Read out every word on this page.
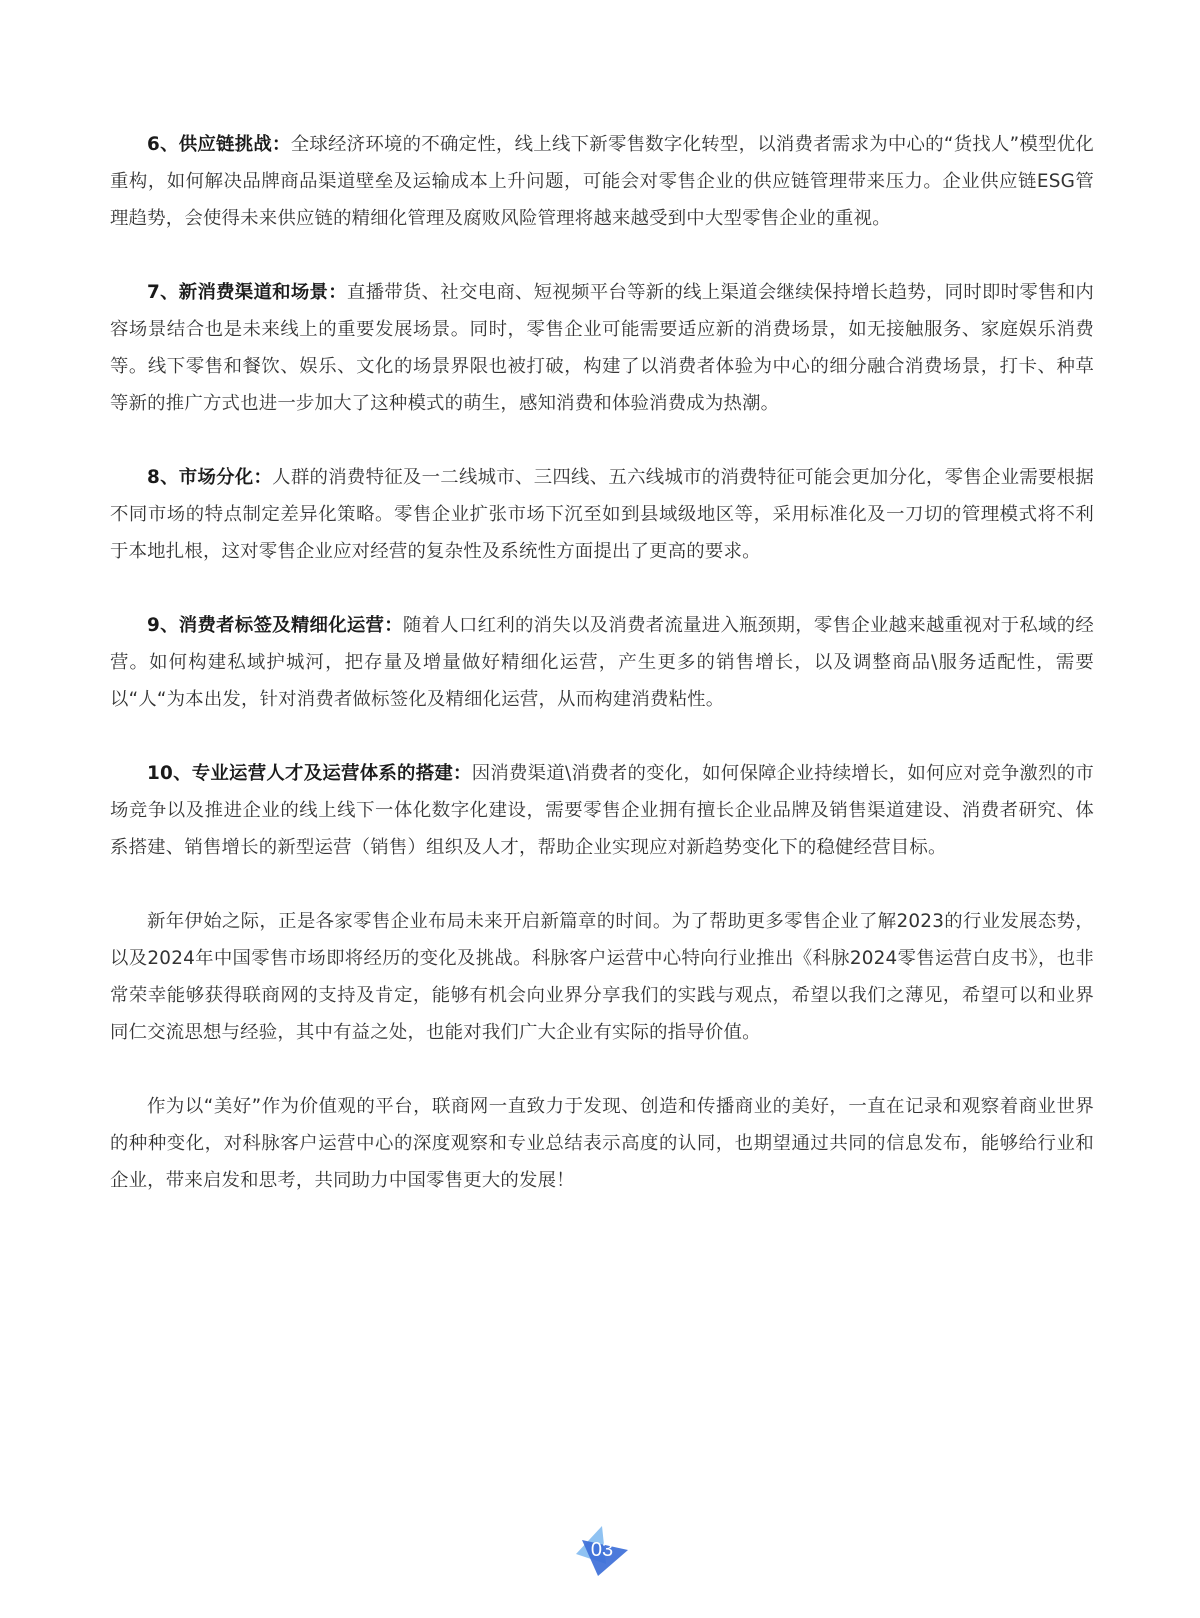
6、供应链挑战：全球经济环境的不确定性，线上线下新零售数字化转型，以消费者需求为中心的“货找人”模型优化重构，如何解决品牌商品渠道壁垒及运输成本上升问题，可能会对零售企业的供应链管理带来压力。企业供应链ESG管理趋势，会使得未来供应链的精细化管理及腐败风险管理将越来越受到中大型零售企业的重视。

7、新消费渠道和场景：直播带货、社交电商、短视频平台等新的线上渠道会继续保持增长趋势，同时即时零售和内容场景结合也是未来线上的重要发展场景。同时，零售企业可能需要适应新的消费场景，如无接触服务、家庭娱乐消费等。线下零售和餐饮、娱乐、文化的场景界限也被打破，构建了以消费者体验为中心的细分融合消费场景，打卡、种草等新的推广方式也进一步加大了这种模式的萌生，感知消费和体验消费成为热潮。

8、市场分化：人群的消费特征及一二线城市、三四线、五六线城市的消费特征可能会更加分化，零售企业需要根据不同市场的特点制定差异化策略。零售企业扩张市场下沉至如到县域级地区等，采用标准化及一刀切的管理模式将不利于本地扎根，这对零售企业应对经营的复杂性及系统性方面提出了更高的要求。

9、消费者标签及精细化运营：随着人口红利的消失以及消费者流量进入瓶颈期，零售企业越来越重视对于私域的经营。如何构建私域护城河，把存量及增量做好精细化运营，产生更多的销售增长，以及调整商品\服务适配性，需要以“人“为本出发，针对消费者做标签化及精细化运营，从而构建消费粘性。

10、专业运营人才及运营体系的搭建：因消费渠道\消费者的变化，如何保障企业持续增长，如何应对竞争激烈的市场竞争以及推进企业的线上线下一体化数字化建设，需要零售企业拥有擅长企业品牌及销售渠道建设、消费者研究、体系搭建、销售增长的新型运营（销售）组织及人才，帮助企业实现应对新趋势变化下的稳健经营目标。

新年伊始之际，正是各家零售企业布局未来开启新篇章的时间。为了帮助更多零售企业了解2023的行业发展态势，以及2024年中国零售市场即将经历的变化及挑战。科脉客户运营中心特向行业推出《科脉2024零售运营白皮书》，也非常荣幸能够获得联商网的支持及肯定，能够有机会向业界分享我们的实践与观点，希望以我们之薄见，希望可以和业界同仁交流思想与经验，其中有益之处，也能对我们广大企业有实际的指导价值。

作为以“美好”作为价值观的平台，联商网一直致力于发现、创造和传播商业的美好，一直在记录和观察着商业世界的种种变化，对科脉客户运营中心的深度观察和专业总结表示高度的认同，也期望通过共同的信息发布，能够给行业和企业，带来启发和思考，共同助力中国零售更大的发展！

03
